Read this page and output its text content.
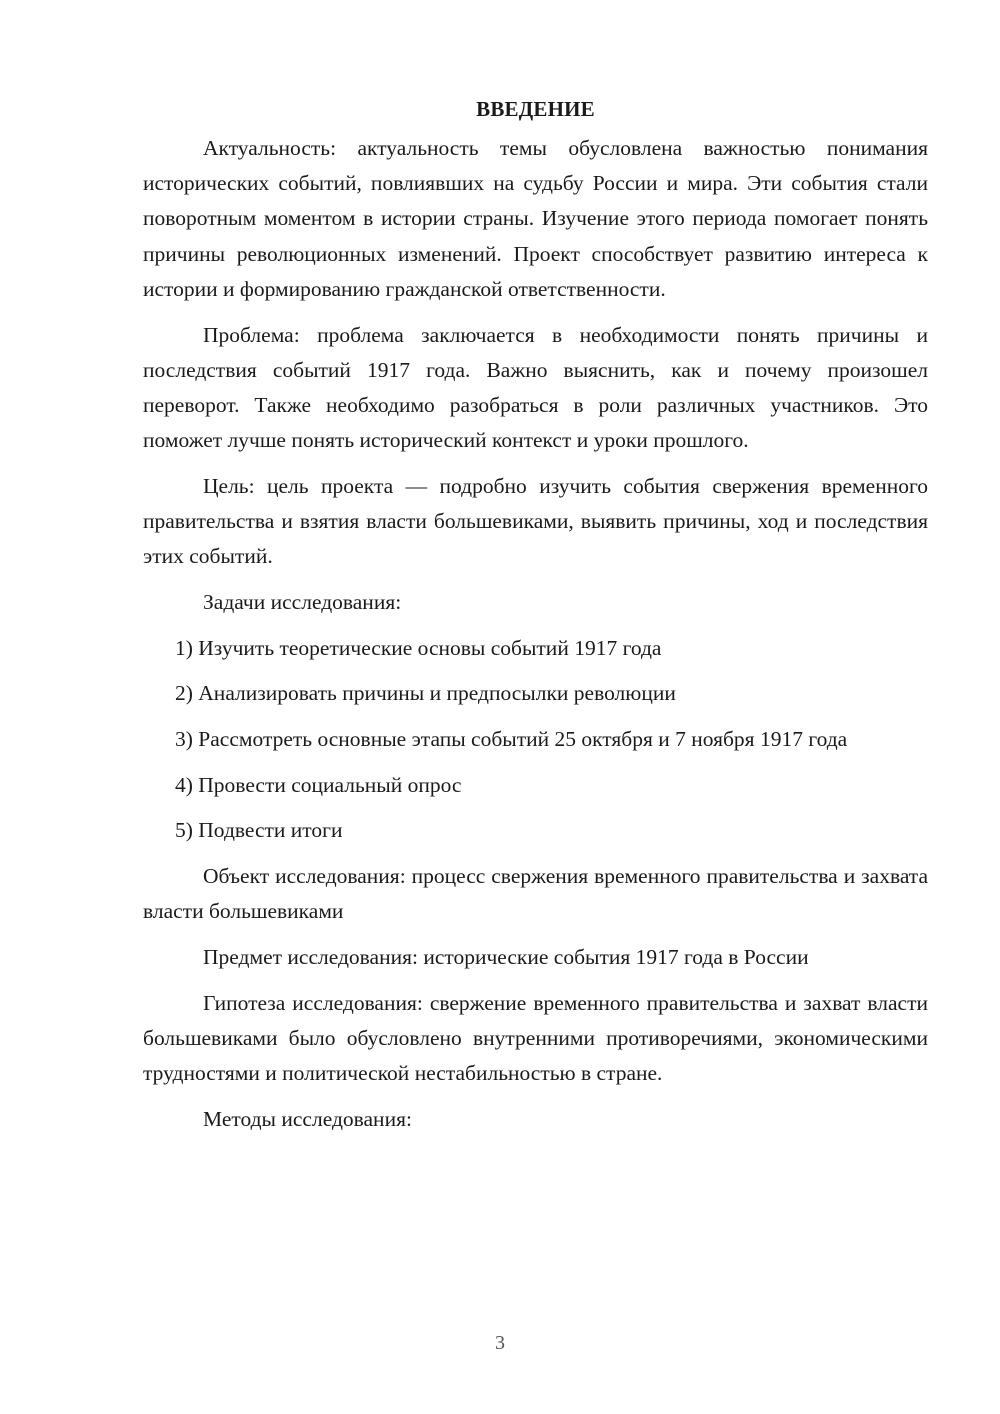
ВВЕДЕНИЕ

Актуальность: актуальность темы обусловлена важностью понимания исторических событий, повлиявших на судьбу России и мира. Эти события стали поворотным моментом в истории страны. Изучение этого периода помогает понять причины революционных изменений. Проект способствует развитию интереса к истории и формированию гражданской ответственности.

Проблема: проблема заключается в необходимости понять причины и последствия событий 1917 года. Важно выяснить, как и почему произошел переворот. Также необходимо разобраться в роли различных участников. Это поможет лучше понять исторический контекст и уроки прошлого.

Цель: цель проекта — подробно изучить события свержения временного правительства и взятия власти большевиками, выявить причины, ход и последствия этих событий.

Задачи исследования:

1) Изучить теоретические основы событий 1917 года

2) Анализировать причины и предпосылки революции

3) Рассмотреть основные этапы событий 25 октября и 7 ноября 1917 года

4) Провести социальный опрос

5) Подвести итоги

Объект исследования: процесс свержения временного правительства и захвата власти большевиками

Предмет исследования: исторические события 1917 года в России

Гипотеза исследования: свержение временного правительства и захват власти большевиками было обусловлено внутренними противоречиями, экономическими трудностями и политической нестабильностью в стране.

Методы исследования:

3
